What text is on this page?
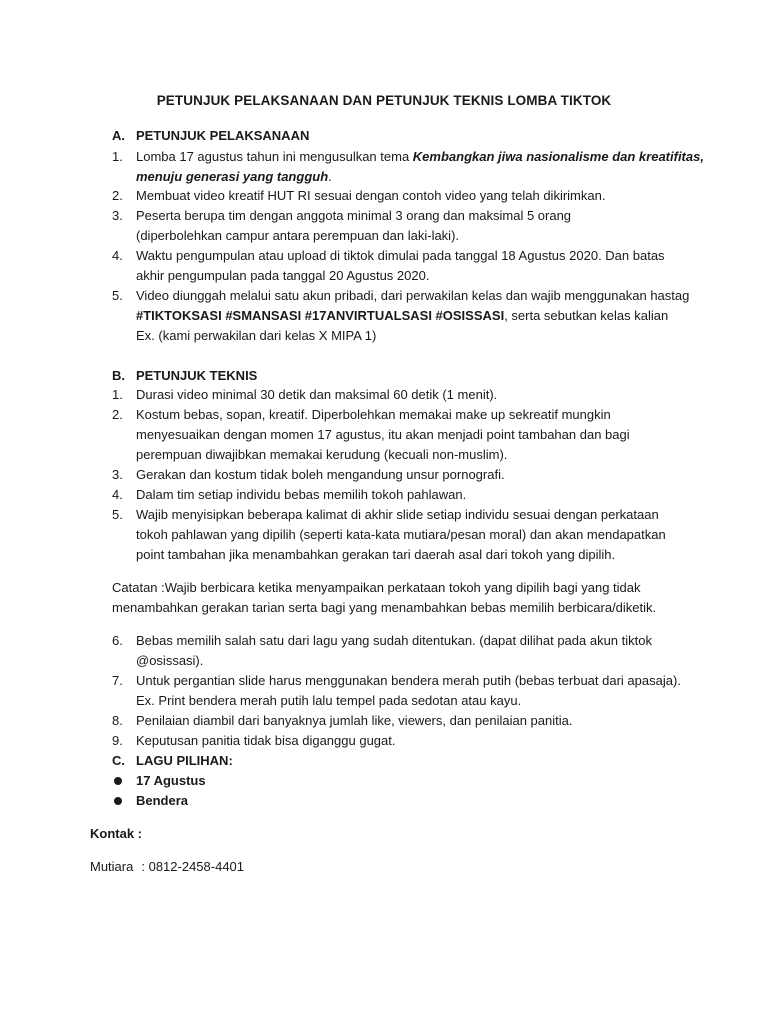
PETUNJUK PELAKSANAAN DAN PETUNJUK TEKNIS LOMBA TIKTOK
A. PETUNJUK PELAKSANAAN
1.	Lomba 17 agustus tahun ini mengusulkan tema Kembangkan jiwa nasionalisme dan kreatifitas,
menuju generasi yang tangguh.
2.	Membuat video kreatif HUT RI sesuai dengan contoh video yang telah dikirimkan.
3.	Peserta berupa tim dengan anggota minimal 3 orang dan maksimal 5 orang
(diperbolehkan campur antara perempuan dan laki-laki).
4.	Waktu pengumpulan atau upload di tiktok dimulai pada tanggal 18 Agustus 2020. Dan batas
akhir pengumpulan pada tanggal 20 Agustus 2020.
5.	Video diunggah melalui satu akun pribadi, dari perwakilan kelas dan wajib menggunakan hastag
#TIKTOKSASI #SMANSASI #17ANVIRTUALSASI #OSISSASI, serta sebutkan kelas kalian
Ex. (kami perwakilan dari kelas X MIPA 1)
B. PETUNJUK TEKNIS
1.	Durasi video minimal 30 detik dan maksimal 60 detik (1 menit).
2.	Kostum bebas, sopan, kreatif. Diperbolehkan memakai make up sekreatif mungkin
menyesuaikan dengan momen 17 agustus, itu akan menjadi point tambahan dan bagi
perempuan diwajibkan memakai kerudung (kecuali non-muslim).
3.	Gerakan dan kostum tidak boleh mengandung unsur pornografi.
4.	Dalam tim setiap individu bebas memilih tokoh pahlawan.
5.	Wajib menyisipkan beberapa kalimat di akhir slide setiap individu sesuai dengan perkataan
tokoh pahlawan yang dipilih (seperti kata-kata mutiara/pesan moral) dan akan mendapatkan
point tambahan jika menambahkan gerakan tari daerah asal dari tokoh yang dipilih.
Catatan :Wajib berbicara ketika menyampaikan perkataan tokoh yang dipilih bagi yang tidak
menambahkan gerakan tarian serta bagi yang menambahkan bebas memilih berbicara/diketik.
6.	Bebas memilih salah satu dari lagu yang sudah ditentukan. (dapat dilihat pada akun tiktok
@osissasi).
7.	Untuk pergantian slide harus menggunakan bendera merah putih (bebas terbuat dari apasaja).
Ex. Print bendera merah putih lalu tempel pada sedotan atau kayu.
8.	Penilaian diambil dari banyaknya jumlah like, viewers, dan penilaian panitia.
9.	Keputusan panitia tidak bisa diganggu gugat.
C. LAGU PILIHAN:
17 Agustus
Bendera
Kontak :
Mutiara : 0812-2458-4401
